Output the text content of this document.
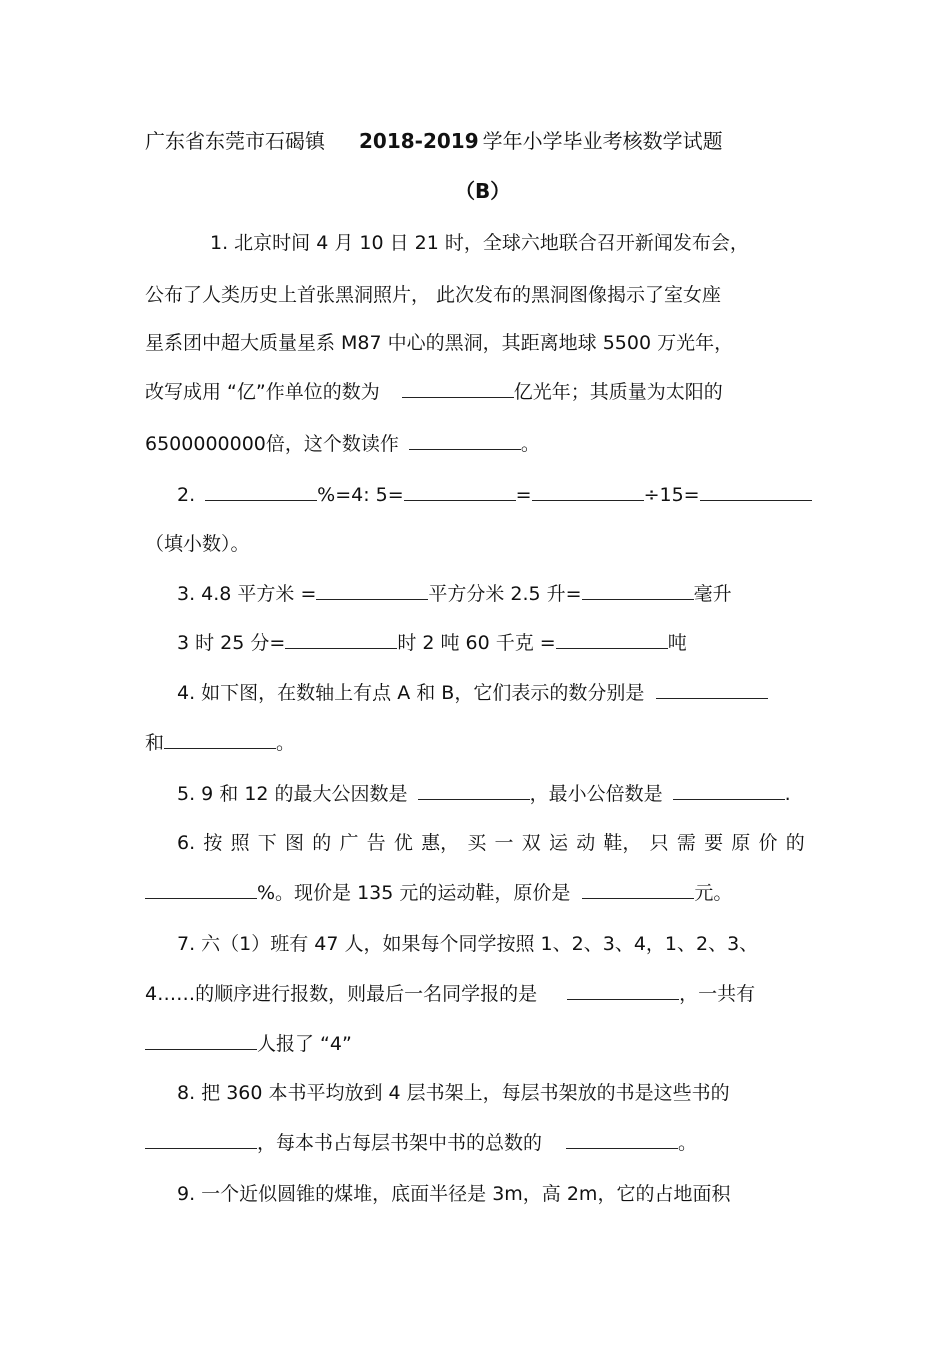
广东省东莞市石碣镇 2018-2019 学年小学毕业考核数学试题
（B）
1. 北京时间 4 月 10 日 21 时，全球六地联合召开新闻发布会，
公布了人类历史上首张黑洞照片， 此次发布的黑洞图像揭示了室女座
星系团中超大质量星系 M87 中心的黑洞，其距离地球 5500 万光年，
改写成用 “亿”作单位的数为	亿光年；其质量为太阳的
6500000000倍，这个数读作	。
2.	%=4: 5=	=	÷15=
（填小数）。
3. 4.8 平方米 =	平方分米 2.5 升=	毫升
3 时 25 分=	时 2 吨 60 千克 =	吨
4. 如下图，在数轴上有点 A 和 B，它们表示的数分别是
和	。
5. 9 和 12 的最大公因数是	，最小公倍数是	.
6. 按 照 下 图 的 广 告 优 惠， 买 一 双 运 动 鞋， 只 需 要 原 价 的
%。现价是 135 元的运动鞋，原价是	元。
7. 六（1）班有 47 人，如果每个同学按照 1、2、3、4，1、2、3、
4……的顺序进行报数，则最后一名同学报的是	，一共有
人报了 “4”
8. 把 360 本书平均放到 4 层书架上，每层书架放的书是这些书的
，每本书占每层书架中书的总数的	。
9. 一个近似圆锥的煤堆，底面半径是 3m，高 2m，它的占地面积
